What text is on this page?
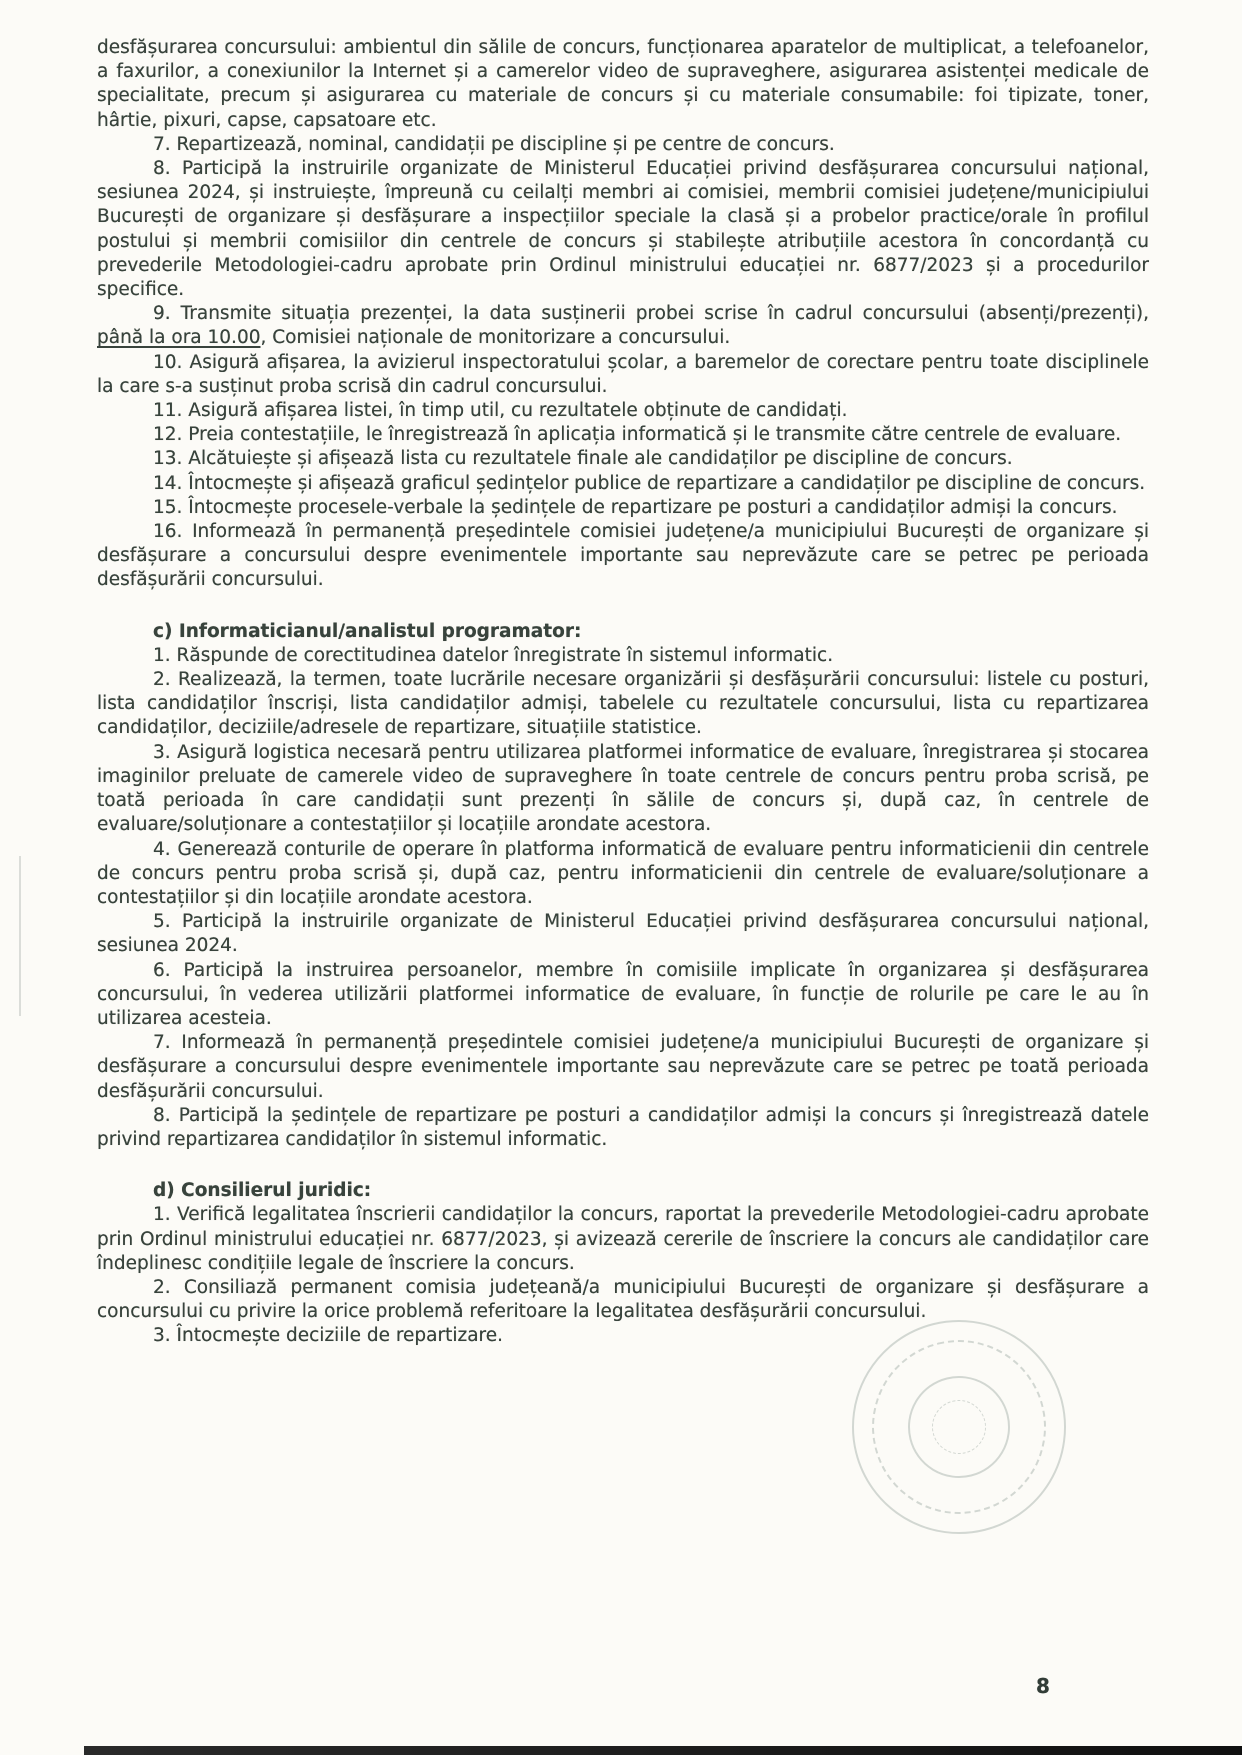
desfășurarea concursului: ambientul din sălile de concurs, funcționarea aparatelor de multiplicat, a telefoanelor, a faxurilor, a conexiunilor la Internet și a camerelor video de supraveghere, asigurarea asistenței medicale de specialitate, precum și asigurarea cu materiale de concurs și cu materiale consumabile: foi tipizate, toner, hârtie, pixuri, capse, capsatoare etc.

7. Repartizează, nominal, candidații pe discipline și pe centre de concurs.

8. Participă la instruirile organizate de Ministerul Educației privind desfășurarea concursului național, sesiunea 2024, și instruiește, împreună cu ceilalți membri ai comisiei, membrii comisiei județene/municipiului București de organizare și desfășurare a inspecțiilor speciale la clasă și a probelor practice/orale în profilul postului și membrii comisiilor din centrele de concurs și stabilește atribuțiile acestora în concordanță cu prevederile Metodologiei-cadru aprobate prin Ordinul ministrului educației nr. 6877/2023 și a procedurilor specifice.

9. Transmite situația prezenței, la data susținerii probei scrise în cadrul concursului (absenți/prezenți), până la ora 10.00, Comisiei naționale de monitorizare a concursului.

10. Asigură afișarea, la avizierul inspectoratului școlar, a baremelor de corectare pentru toate disciplinele la care s-a susținut proba scrisă din cadrul concursului.

11. Asigură afișarea listei, în timp util, cu rezultatele obținute de candidați.

12. Preia contestațiile, le înregistrează în aplicația informatică și le transmite către centrele de evaluare.

13. Alcătuiește și afișează lista cu rezultatele finale ale candidaților pe discipline de concurs.

14. Întocmește și afișează graficul ședințelor publice de repartizare a candidaților pe discipline de concurs.

15. Întocmește procesele-verbale la ședințele de repartizare pe posturi a candidaților admiși la concurs.

16. Informează în permanență președintele comisiei județene/a municipiului București de organizare și desfășurare a concursului despre evenimentele importante sau neprevăzute care se petrec pe perioada desfășurării concursului.

c) Informaticianul/analistul programator:

1. Răspunde de corectitudinea datelor înregistrate în sistemul informatic.

2. Realizează, la termen, toate lucrările necesare organizării și desfășurării concursului: listele cu posturi, lista candidaților înscriși, lista candidaților admiși, tabelele cu rezultatele concursului, lista cu repartizarea candidaților, deciziile/adresele de repartizare, situațiile statistice.

3. Asigură logistica necesară pentru utilizarea platformei informatice de evaluare, înregistrarea și stocarea imaginilor preluate de camerele video de supraveghere în toate centrele de concurs pentru proba scrisă, pe toată perioada în care candidații sunt prezenți în sălile de concurs și, după caz, în centrele de evaluare/soluționare a contestațiilor și locațiile arondate acestora.

4. Generează conturile de operare în platforma informatică de evaluare pentru informaticienii din centrele de concurs pentru proba scrisă și, după caz, pentru informaticienii din centrele de evaluare/soluționare a contestațiilor și din locațiile arondate acestora.

5. Participă la instruirile organizate de Ministerul Educației privind desfășurarea concursului național, sesiunea 2024.

6. Participă la instruirea persoanelor, membre în comisiile implicate în organizarea și desfășurarea concursului, în vederea utilizării platformei informatice de evaluare, în funcție de rolurile pe care le au în utilizarea acesteia.

7. Informează în permanență președintele comisiei județene/a municipiului București de organizare și desfășurare a concursului despre evenimentele importante sau neprevăzute care se petrec pe toată perioada desfășurării concursului.

8. Participă la ședințele de repartizare pe posturi a candidaților admiși la concurs și înregistrează datele privind repartizarea candidaților în sistemul informatic.

d) Consilierul juridic:

1. Verifică legalitatea înscrierii candidaților la concurs, raportat la prevederile Metodologiei-cadru aprobate prin Ordinul ministrului educației nr. 6877/2023, și avizează cererile de înscriere la concurs ale candidaților care îndeplinesc condițiile legale de înscriere la concurs.

2. Consiliază permanent comisia județeană/a municipiului București de organizare și desfășurare a concursului cu privire la orice problemă referitoare la legalitatea desfășurării concursului.

3. Întocmește deciziile de repartizare.

8
